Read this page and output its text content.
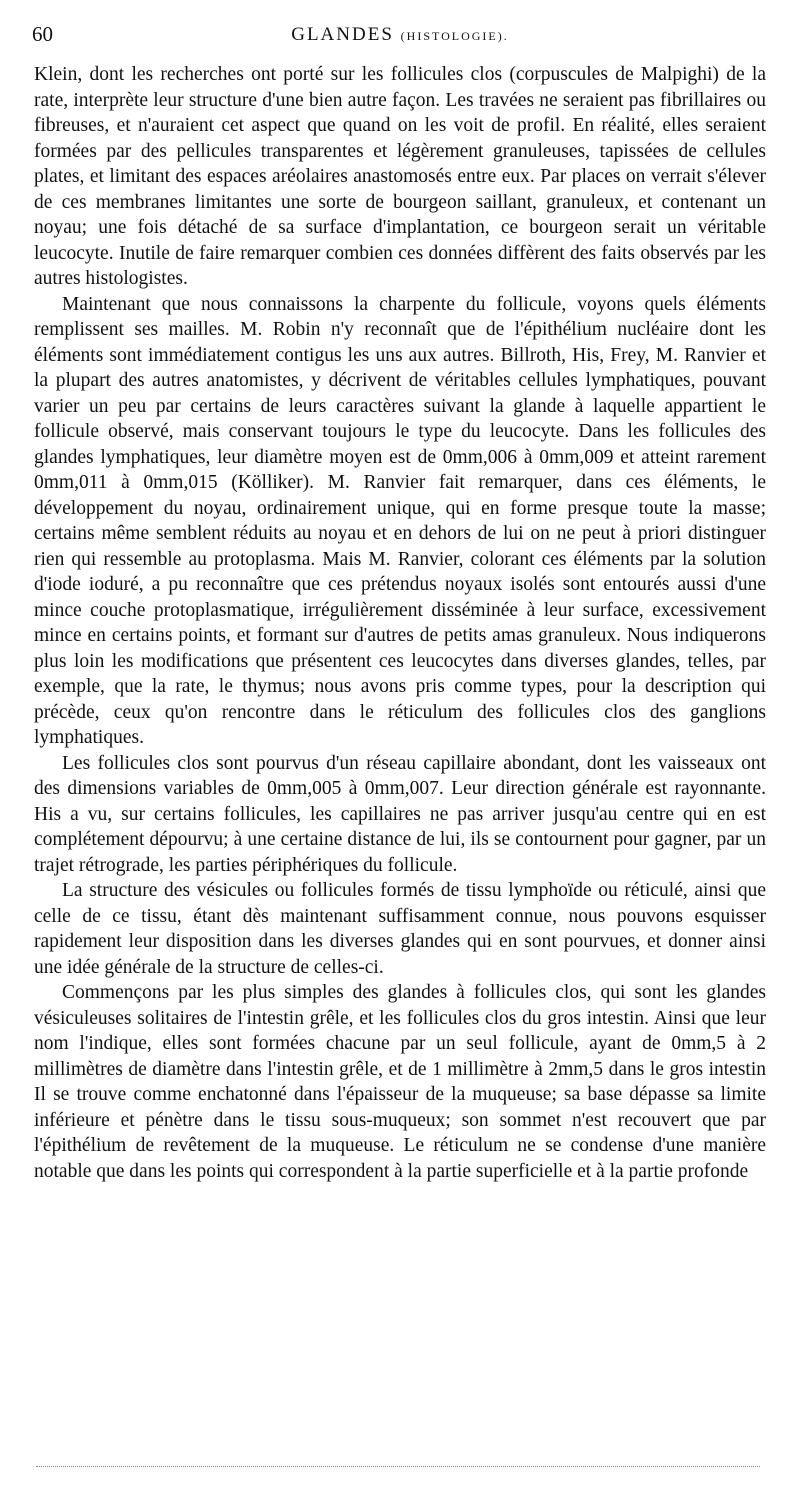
60	GLANDES (HISTOLOGIE).

Klein, dont les recherches ont porté sur les follicules clos (corpuscules de Malpighi) de la rate, interprète leur structure d'une bien autre façon. Les travées ne seraient pas fibrillaires ou fibreuses, et n'auraient cet aspect que quand on les voit de profil. En réalité, elles seraient formées par des pellicules transparentes et légèrement granuleuses, tapissées de cellules plates, et limitant des espaces aréolaires anastomosés entre eux. Par places on verrait s'élever de ces membranes limitantes une sorte de bourgeon saillant, granuleux, et contenant un noyau; une fois détaché de sa surface d'implantation, ce bourgeon serait un véritable leucocyte. Inutile de faire remarquer combien ces données diffèrent des faits observés par les autres histologistes.

Maintenant que nous connaissons la charpente du follicule, voyons quels éléments remplissent ses mailles. M. Robin n'y reconnaît que de l'épithélium nucléaire dont les éléments sont immédiatement contigus les uns aux autres. Billroth, His, Frey, M. Ranvier et la plupart des autres anatomistes, y décrivent de véritables cellules lymphatiques, pouvant varier un peu par certains de leurs caractères suivant la glande à laquelle appartient le follicule observé, mais conservant toujours le type du leucocyte. Dans les follicules des glandes lymphatiques, leur diamètre moyen est de 0mm,006 à 0mm,009 et atteint rarement 0mm,011 à 0mm,015 (Kölliker). M. Ranvier fait remarquer, dans ces éléments, le développement du noyau, ordinairement unique, qui en forme presque toute la masse; certains même semblent réduits au noyau et en dehors de lui on ne peut à priori distinguer rien qui ressemble au protoplasma. Mais M. Ranvier, colorant ces éléments par la solution d'iode ioduré, a pu reconnaître que ces prétendus noyaux isolés sont entourés aussi d'une mince couche protoplasmatique, irrégulièrement disséminée à leur surface, excessivement mince en certains points, et formant sur d'autres de petits amas granuleux. Nous indiquerons plus loin les modifications que présentent ces leucocytes dans diverses glandes, telles, par exemple, que la rate, le thymus; nous avons pris comme types, pour la description qui précède, ceux qu'on rencontre dans le réticulum des follicules clos des ganglions lymphatiques.

Les follicules clos sont pourvus d'un réseau capillaire abondant, dont les vaisseaux ont des dimensions variables de 0mm,005 à 0mm,007. Leur direction générale est rayonnante. His a vu, sur certains follicules, les capillaires ne pas arriver jusqu'au centre qui en est complétement dépourvu; à une certaine distance de lui, ils se contournent pour gagner, par un trajet rétrograde, les parties périphériques du follicule.

La structure des vésicules ou follicules formés de tissu lymphoïde ou réticulé, ainsi que celle de ce tissu, étant dès maintenant suffisamment connue, nous pouvons esquisser rapidement leur disposition dans les diverses glandes qui en sont pourvues, et donner ainsi une idée générale de la structure de celles-ci.

Commençons par les plus simples des glandes à follicules clos, qui sont les glandes vésiculeuses solitaires de l'intestin grêle, et les follicules clos du gros intestin. Ainsi que leur nom l'indique, elles sont formées chacune par un seul follicule, ayant de 0mm,5 à 2 millimètres de diamètre dans l'intestin grêle, et de 1 millimètre à 2mm,5 dans le gros intestin Il se trouve comme enchatonné dans l'épaisseur de la muqueuse; sa base dépasse sa limite inférieure et pénètre dans le tissu sous-muqueux; son sommet n'est recouvert que par l'épithélium de revêtement de la muqueuse. Le réticulum ne se condense d'une manière notable que dans les points qui correspondent à la partie superficielle et à la partie profonde
